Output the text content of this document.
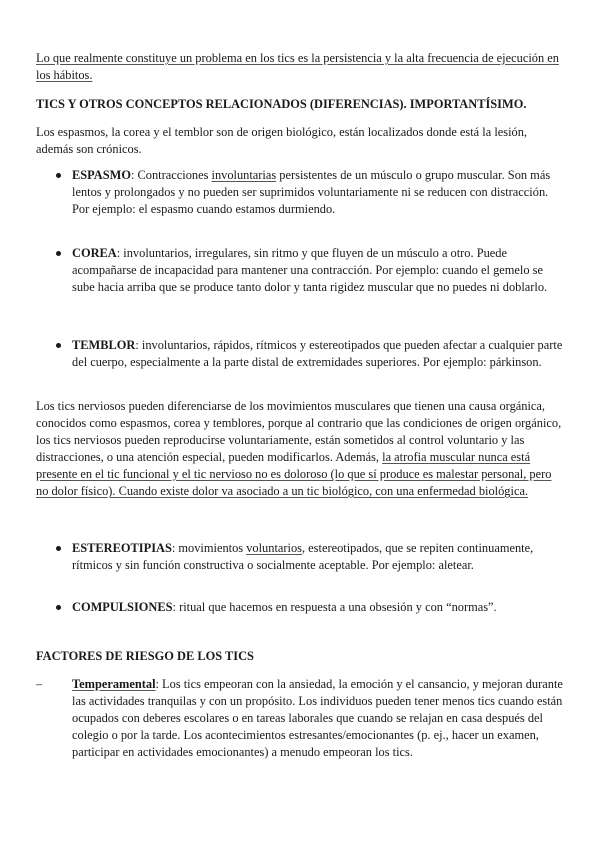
Lo que realmente constituye un problema en los tics es la persistencia y la alta frecuencia de ejecución en los hábitos.

TICS Y OTROS CONCEPTOS RELACIONADOS (DIFERENCIAS). IMPORTANTÍSIMO.

Los espasmos, la corea y el temblor son de origen biológico, están localizados donde está la lesión, además son crónicos.

ESPASMO: Contracciones involuntarias persistentes de un músculo o grupo muscular. Son más lentos y prolongados y no pueden ser suprimidos voluntariamente ni se reducen con distracción. Por ejemplo: el espasmo cuando estamos durmiendo.

COREA: involuntarios, irregulares, sin ritmo y que fluyen de un músculo a otro. Puede acompañarse de incapacidad para mantener una contracción. Por ejemplo: cuando el gemelo se sube hacia arriba que se produce tanto dolor y tanta rigidez muscular que no puedes ni doblarlo.

TEMBLOR: involuntarios, rápidos, rítmicos y estereotipados que pueden afectar a cualquier parte del cuerpo, especialmente a la parte distal de extremidades superiores. Por ejemplo: párkinson.

Los tics nerviosos pueden diferenciarse de los movimientos musculares que tienen una causa orgánica, conocidos como espasmos, corea y temblores, porque al contrario que las condiciones de origen orgánico, los tics nerviosos pueden reproducirse voluntariamente, están sometidos al control voluntario y las distracciones, o una atención especial, pueden modificarlos. Además, la atrofia muscular nunca está presente en el tic funcional y el tic nervioso no es doloroso (lo que sí produce es malestar personal, pero no dolor físico). Cuando existe dolor va asociado a un tic biológico, con una enfermedad biológica.

ESTEREOTIPIAS: movimientos voluntarios, estereotipados, que se repiten continuamente, rítmicos y sin función constructiva o socialmente aceptable. Por ejemplo: aletear.

COMPULSIONES: ritual que hacemos en respuesta a una obsesión y con “normas”.

FACTORES DE RIESGO DE LOS TICS

– Temperamental: Los tics empeoran con la ansiedad, la emoción y el cansancio, y mejoran durante las actividades tranquilas y con un propósito. Los individuos pueden tener menos tics cuando están ocupados con deberes escolares o en tareas laborales que cuando se relajan en casa después del colegio o por la tarde. Los acontecimientos estresantes/emocionantes (p. ej., hacer un examen, participar en actividades emocionantes) a menudo empeoran los tics.
